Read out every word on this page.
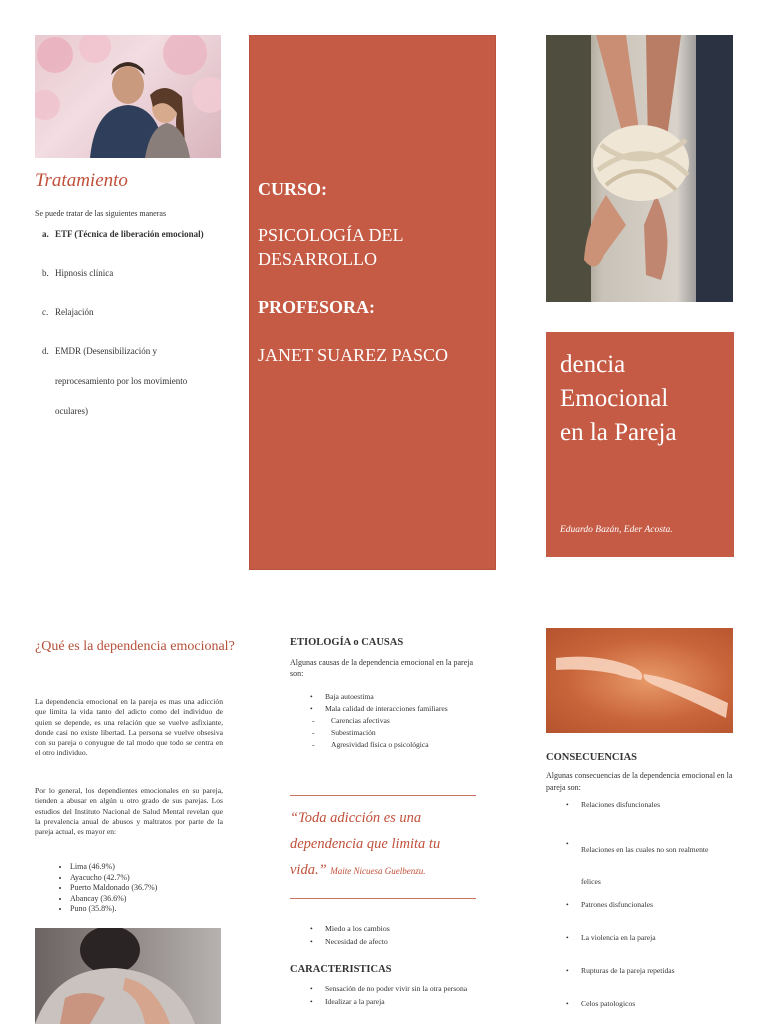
Tratamiento
Se puede tratar de las siguientes maneras
a. ETF (Técnica de liberación emocional)
b. Hipnosis clínica
c. Relajación
d. EMDR (Desensibilización y
reprocesamiento por los movimiento
oculares)
CURSO:
PSICOLOGÍA DEL
DESARROLLO
PROFESORA:
JANET SUAREZ PASCO	dencia
Emocional
en la Pareja
Eduardo Bazán, Eder Acosta.
¿Qué es la dependencia emocional?
La dependencia emocional en la pareja es mas una adicción que limita la vida tanto del adicto como del individuo de quien se depende, es una relación que se vuelve asfixiante, donde casi no existe libertad. La persona se vuelve obsesiva con su pareja o conyugue de tal modo que todo se centra en el otro individuo.
Por lo general, los dependientes emocionales en su pareja, tienden a abusar en algún u otro grado de sus parejas. Los estudios del Instituto Nacional de Salud Mental revelan que la prevalencia anual de abusos y maltratos por parte de la pareja actual, es mayor en:
• Lima (46.9%)
• Ayacucho (42.7%)
• Puerto Maldonado (36.7%)
• Abancay (36.6%)
• Puno (35.8%).
ETIOLOGÍA o CAUSAS
Algunas causas de la dependencia emocional en la pareja son:
•	Baja autoestima
•	Mala calidad de interacciones familiares
-	Carencias afectivas
-	Subestimación
-	Agresividad física o psicológica
“Toda adicción es una dependencia que limita tu vida.” Maite Nicuesa Guelbenzu.
•	Miedo a los cambios
•	Necesidad de afecto
CARACTERISTICAS
•	Sensación de no poder vivir sin la otra persona
•	Idealizar a la pareja
CONSECUENCIAS
Algunas consecuencias de la dependencia emocional en la pareja son:
•	Relaciones disfuncionales
•
Relaciones en las cuales no son realmente felices
•	Patrones disfuncionales
•	La violencia en la pareja
•	Rupturas de la pareja repetidas
•	Celos patologicos
